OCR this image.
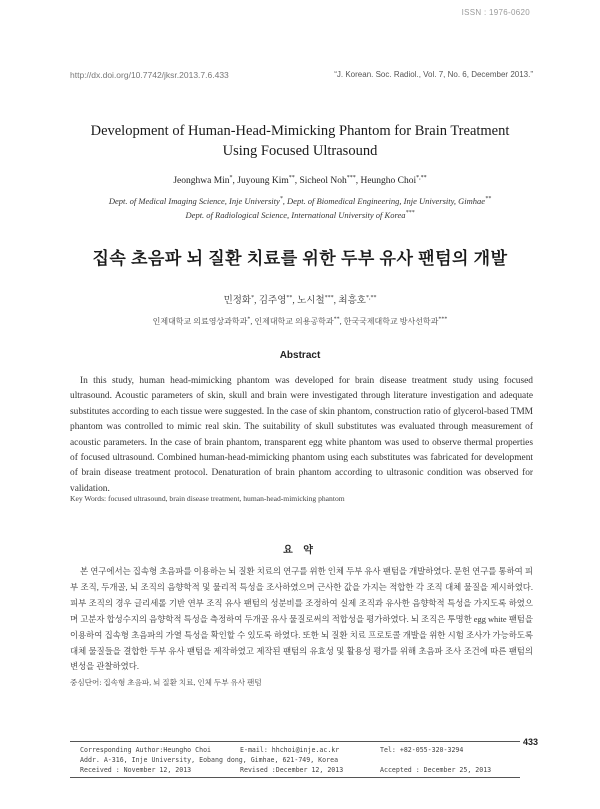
ISSN : 1976-0620
http://dx.doi.org/10.7742/jksr.2013.7.6.433	“J. Korean. Soc. Radiol., Vol. 7, No. 6, December 2013.”
Development of Human-Head-Mimicking Phantom for Brain Treatment
Using Focused Ultrasound
Jeonghwa Min*, Juyoung Kim**, Sicheol Noh***, Heungho Choi*,**
Dept. of Medical Imaging Science, Inje University*, Dept. of Biomedical Engineering, Inje University, Gimhae**
Dept. of Radiological Science, International University of Korea***
집속 초음파 뇌 질환 치료를 위한 두부 유사 팬텀의 개발
민정화*, 김주영**, 노시철***, 최흥호*,**
인제대학교 의료영상과학과*, 인제대학교 의용공학과**, 한국국제대학교 방사선학과***
Abstract
In this study, human head-mimicking phantom was developed for brain disease treatment study using focused ultrasound. Acoustic parameters of skin, skull and brain were investigated through literature investigation and adequate substitutes according to each tissue were suggested. In the case of skin phantom, construction ratio of glycerol-based TMM phantom was controlled to mimic real skin. The suitability of skull substitutes was evaluated through measurement of acoustic parameters. In the case of brain phantom, transparent egg white phantom was used to observe thermal properties of focused ultrasound. Combined human-head-mimicking phantom using each substitutes was fabricated for development of brain disease treatment protocol. Denaturation of brain phantom according to ultrasonic condition was observed for validation.
Key Words: focused ultrasound, brain disease treatment, human-head-mimicking phantom
요 약
본 연구에서는 집속형 초음파를 이용하는 뇌 질환 치료의 연구를 위한 인체 두부 유사 팬텀을 개발하였다. 문헌 연구를 통하여 피부 조직, 두개골, 뇌 조직의 음향학적 및 물리적 특성을 조사하였으며 근사한 값을 가지는 적합한 각 조직 대체 물질을 제시하였다. 피부 조직의 경우 글리세롤 기반 연부 조직 유사 팬텀의 성분비를 조정하여 실제 조직과 유사한 음향학적 특성을 가지도록 하였으며 고분자 합성수지의 음향학적 특성을 측정하여 두개골 유사 물질로써의 적합성을 평가하였다. 뇌 조직은 투명한 egg white 팬텀을 이용하여 집속형 초음파의 가열 특성을 확인할 수 있도록 하였다. 또한 뇌 질환 치료 프로토콜 개발을 위한 시험 조사가 가능하도록 대체 물질들을 결합한 두부 유사 팬텀을 제작하였고 제작된 팬텀의 유효성 및 활용성 평가를 위해 초음파 조사 조건에 따른 팬텀의 변성을 관찰하였다.
중심단어: 집속형 초음파, 뇌 질환 치료, 인체 두부 유사 팬텀
Corresponding Author:Heungho Choi	E-mail: hhchoi@inje.ac.kr	Tel: +82-055-320-3294
Addr. A-316, Inje University, Eobang dong, Gimhae, 621-749, Korea
Received : November 12, 2013	Revised :December 12, 2013	Accepted : December 25, 2013
433
